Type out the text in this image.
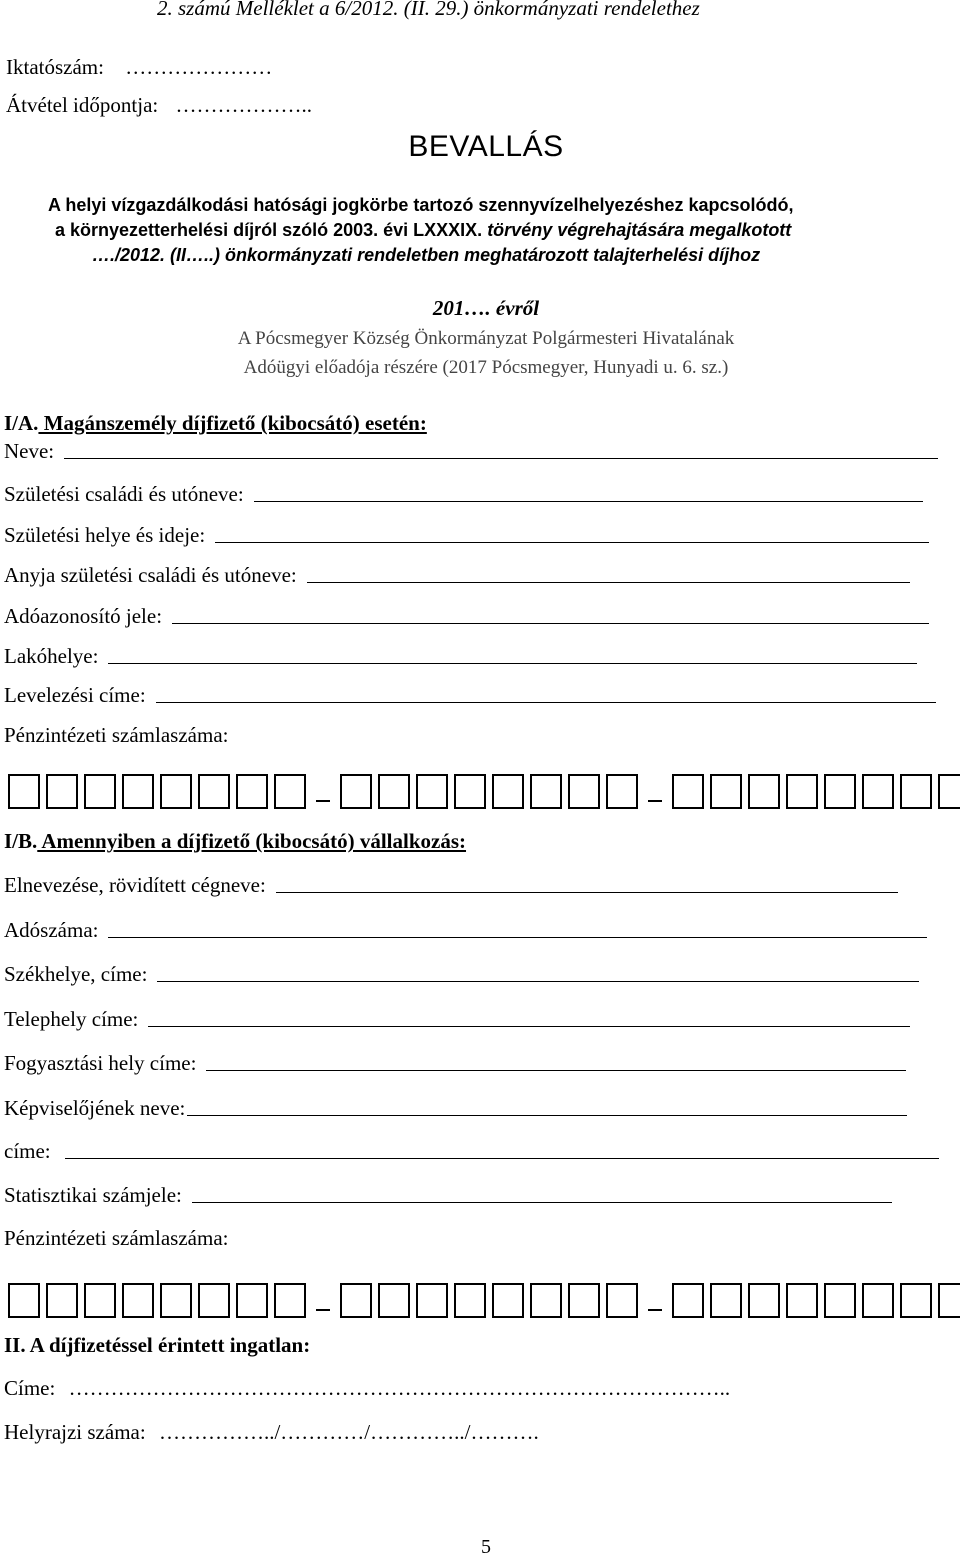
2. számú Melléklet a 6/2012. (II. 29.) önkormányzati rendelethez
Iktatószám: …………………
Átvétel időpontja: ………………..
BEVALLÁS
A helyi vízgazdálkodási hatósági jogkörbe tartozó szennyvízelhelyezéshez kapcsolódó,
a környezetterhelési díjról szóló 2003. évi LXXXIX. törvény végrehajtására megalkotott
…./2012. (II…..) önkormányzati rendeletben meghatározott talajterhelési díjhoz
201…. évről
A Pócsmegyer Község Önkormányzat Polgármesteri Hivatalának
Adóügyi előadója részére (2017 Pócsmegyer, Hunyadi u. 6. sz.)
I/A. Magánszemély díjfizető (kibocsátó) esetén:
Neve:
Születési családi és utóneve:
Születési helye és ideje:
Anyja születési családi és utóneve:
Adóazonosító jele:
Lakóhelye:
Levelezési címe:
Pénzintézeti számlaszáma:
I/B. Amennyiben a díjfizető (kibocsátó) vállalkozás:
Elnevezése, rövidített cégneve:
Adószáma:
Székhelye, címe:
Telephely címe:
Fogyasztási hely címe:
Képviselőjének neve:
címe:
Statisztikai számjele:
Pénzintézeti számlaszáma:
II. A díjfizetéssel érintett ingatlan:
Címe: …………………………………………………………………………………..
Helyrajzi száma: ……………../…………/…………../……….
5
